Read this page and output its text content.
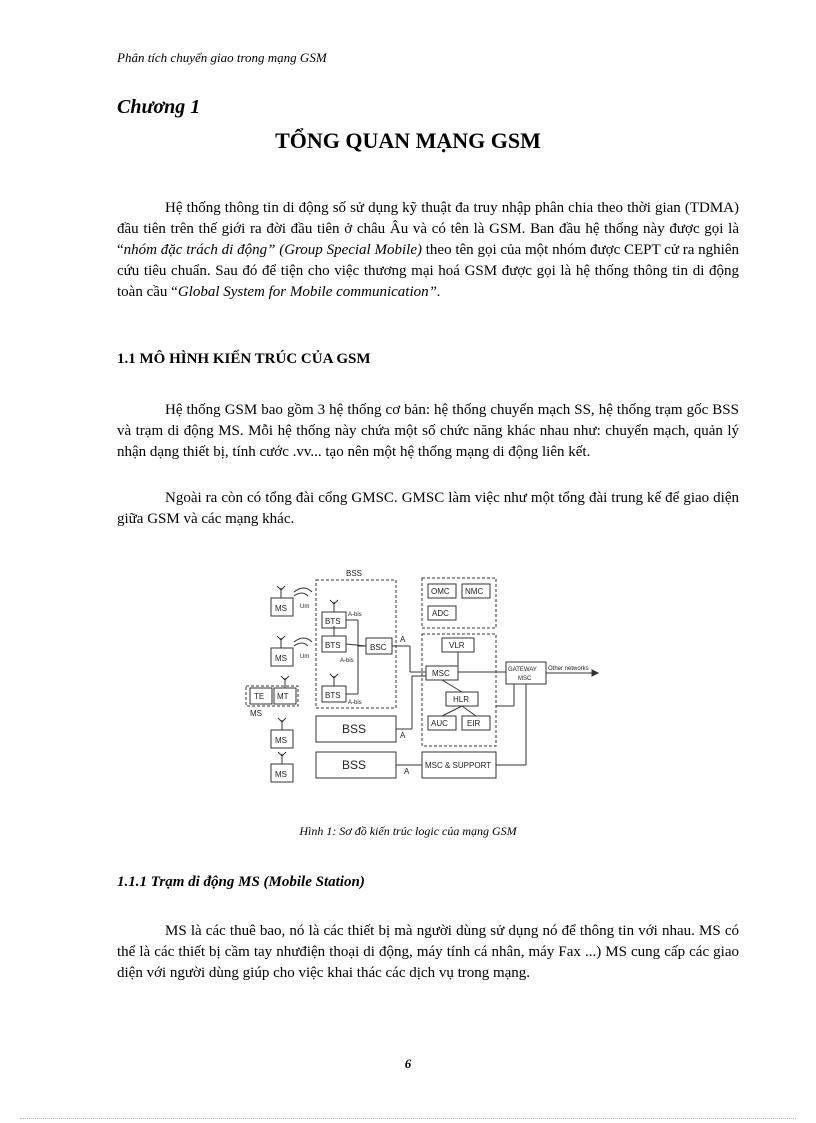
Phân tích chuyển giao trong mạng GSM
Chương 1
TỔNG QUAN MẠNG GSM

Hệ thống thông tin di động số sử dụng kỹ thuật đa truy nhập phân chia theo thời gian (TDMA) đầu tiên trên thế giới ra đời đầu tiên ở châu Âu và có tên là GSM. Ban đầu hệ thống này được gọi là “nhóm đặc trách di động” (Group Special Mobile) theo tên gọi của một nhóm được CEPT cử ra nghiên cứu tiêu chuẩn. Sau đó để tiện cho việc thương mại hoá GSM được gọi là hệ thống thông tin di động toàn cầu “Global System for Mobile communication”.

1.1 MÔ HÌNH KIẾN TRÚC CỦA GSM

Hệ thống GSM bao gồm 3 hệ thống cơ bản: hệ thống chuyển mạch SS, hệ thống trạm gốc BSS và trạm di động MS. Mỗi hệ thống này chứa một số chức năng khác nhau như: chuyển mạch, quản lý nhận dạng thiết bị, tính cước .vv... tạo nên một hệ thống mạng di động liên kết.

Ngoài ra còn có tổng đài cổng GMSC. GMSC làm việc như một tổng đài trung kế để giao diện giữa GSM và các mạng khác.

BSS
MS
MS
MS
MS
MS
Um
Um
TE MT
BTS
BTS
BTS
BSC
A-bis
A-bis
A-bis
A
A
A
OMC NMC
ADC
VLR
MSC
HLR
AUC EIR
GATEWAY
MSC
Other networks
BSS
BSS	MSC & SUPPORT
Hình 1: Sơ đồ kiến trúc logic của mạng GSM
1.1.1 Trạm di động MS (Mobile Station)

MS là các thuê bao, nó là các thiết bị mà người dùng sử dụng nó để thông tin với nhau. MS có thể là các thiết bị cầm tay nhưđiện thoại di động, máy tính cá nhân, máy Fax ...) MS cung cấp các giao diện với người dùng giúp cho việc khai thác các dịch vụ trong mạng.

6
